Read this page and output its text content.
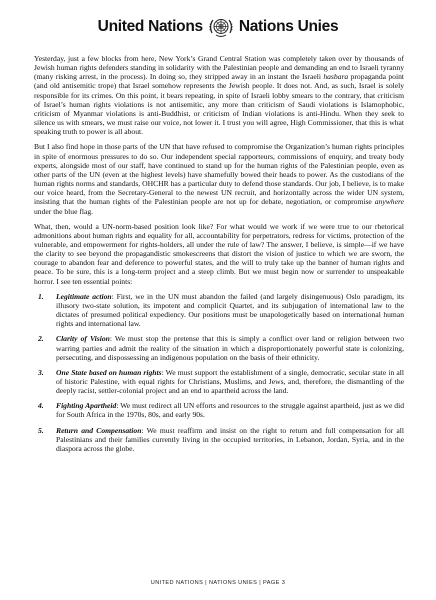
United Nations Nations Unies

Yesterday, just a few blocks from here, New York’s Grand Central Station was completely taken over by thousands of Jewish human rights defenders standing in solidarity with the Palestinian people and demanding an end to Israeli tyranny (many risking arrest, in the process). In doing so, they stripped away in an instant the Israeli hasbara propaganda point (and old antisemitic trope) that Israel somehow represents the Jewish people. It does not. And, as such, Israel is solely responsible for its crimes. On this point, it bears repeating, in spite of Israeli lobby smears to the contrary, that criticism of Israel’s human rights violations is not antisemitic, any more than criticism of Saudi violations is Islamophobic, criticism of Myanmar violations is anti-Buddhist, or criticism of Indian violations is anti-Hindu. When they seek to silence us with smears, we must raise our voice, not lower it. I trust you will agree, High Commissioner, that this is what speaking truth to power is all about.

But I also find hope in those parts of the UN that have refused to compromise the Organization’s human rights principles in spite of enormous pressures to do so. Our independent special rapporteurs, commissions of enquiry, and treaty body experts, alongside most of our staff, have continued to stand up for the human rights of the Palestinian people, even as other parts of the UN (even at the highest levels) have shamefully bowed their heads to power. As the custodians of the human rights norms and standards, OHCHR has a particular duty to defend those standards. Our job, I believe, is to make our voice heard, from the Secretary-General to the newest UN recruit, and horizontally across the wider UN system, insisting that the human rights of the Palestinian people are not up for debate, negotiation, or compromise anywhere under the blue flag.

What, then, would a UN-norm-based position look like? For what would we work if we were true to our rhetorical admonitions about human rights and equality for all, accountability for perpetrators, redress for victims, protection of the vulnerable, and empowerment for rights-holders, all under the rule of law? The answer, I believe, is simple—if we have the clarity to see beyond the propagandistic smokescreens that distort the vision of justice to which we are sworn, the courage to abandon fear and deference to powerful states, and the will to truly take up the banner of human rights and peace. To be sure, this is a long-term project and a steep climb. But we must begin now or surrender to unspeakable horror. I see ten essential points:

1. Legitimate action: First, we in the UN must abandon the failed (and largely disingenuous) Oslo paradigm, its illusory two-state solution, its impotent and complicit Quartet, and its subjugation of international law to the dictates of presumed political expediency. Our positions must be unapologetically based on international human rights and international law.
2. Clarity of Vision: We must stop the pretense that this is simply a conflict over land or religion between two warring parties and admit the reality of the situation in which a disproportionately powerful state is colonizing, persecuting, and dispossessing an indigenous population on the basis of their ethnicity.
3. One State based on human rights: We must support the establishment of a single, democratic, secular state in all of historic Palestine, with equal rights for Christians, Muslims, and Jews, and, therefore, the dismantling of the deeply racist, settler-colonial project and an end to apartheid across the land.
4. Fighting Apartheid: We must redirect all UN efforts and resources to the struggle against apartheid, just as we did for South Africa in the 1970s, 80s, and early 90s.
5. Return and Compensation: We must reaffirm and insist on the right to return and full compensation for all Palestinians and their families currently living in the occupied territories, in Lebanon, Jordan, Syria, and in the diaspora across the globe.
UNITED NATIONS | NATIONS UNIES | PAGE 3
